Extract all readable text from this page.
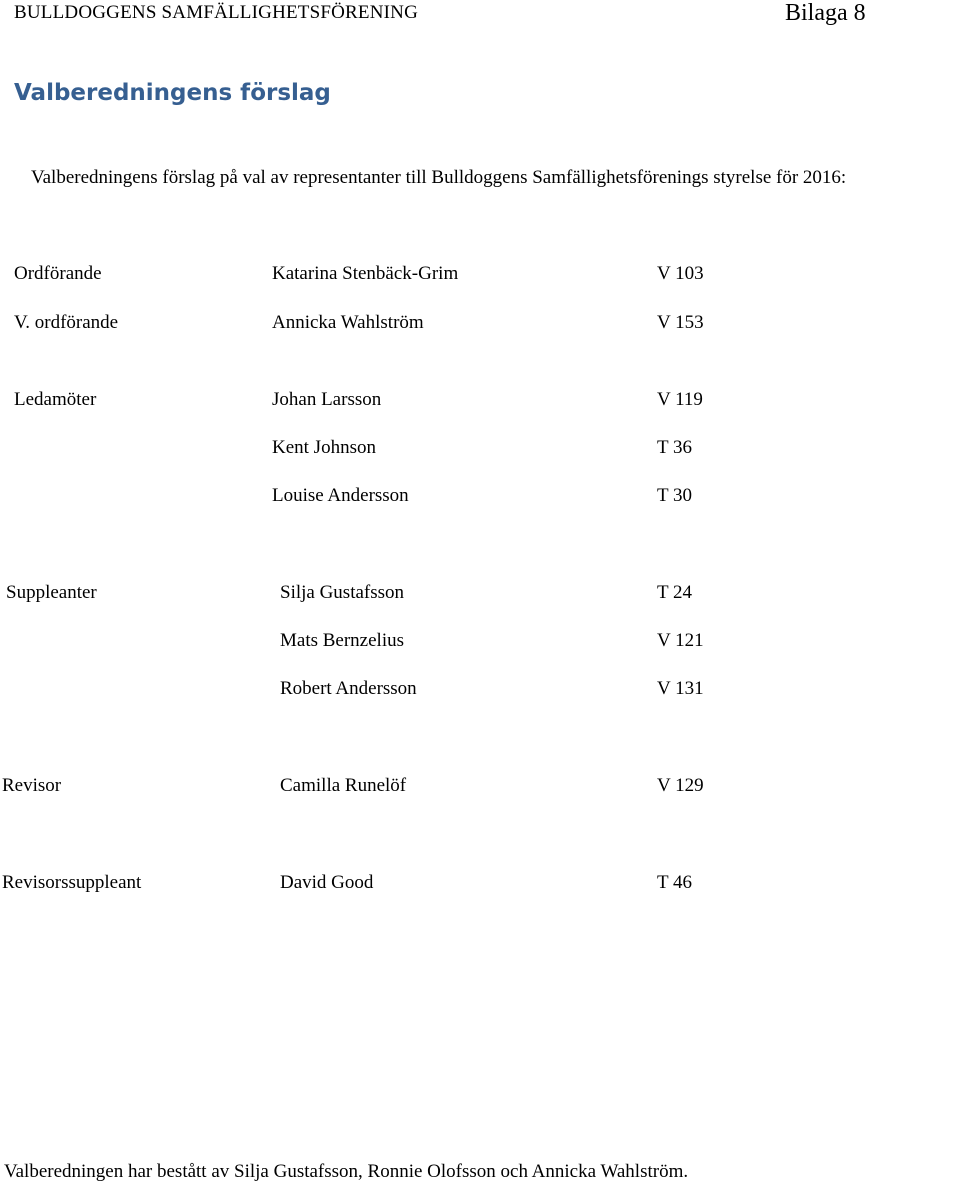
BULLDOGGENS SAMFÄLLIGHETSFÖRENING	Bilaga 8
Valberedningens förslag
Valberedningens förslag på val av representanter till Bulldoggens Samfällighetsförenings styrelse för 2016:
Ordförande	Katarina Stenbäck-Grim	V 103
V. ordförande	Annicka Wahlström	V 153
Ledamöter	Johan Larsson	V 119
Kent Johnson	T 36
Louise Andersson	T 30
Suppleanter	Silja Gustafsson	T 24
Mats Bernzelius	V 121
Robert Andersson	V 131
Revisor	Camilla Runelöf	V 129
Revisorssuppleant	David Good	T 46
Valberedningen har bestått av Silja Gustafsson, Ronnie Olofsson och Annicka Wahlström.
